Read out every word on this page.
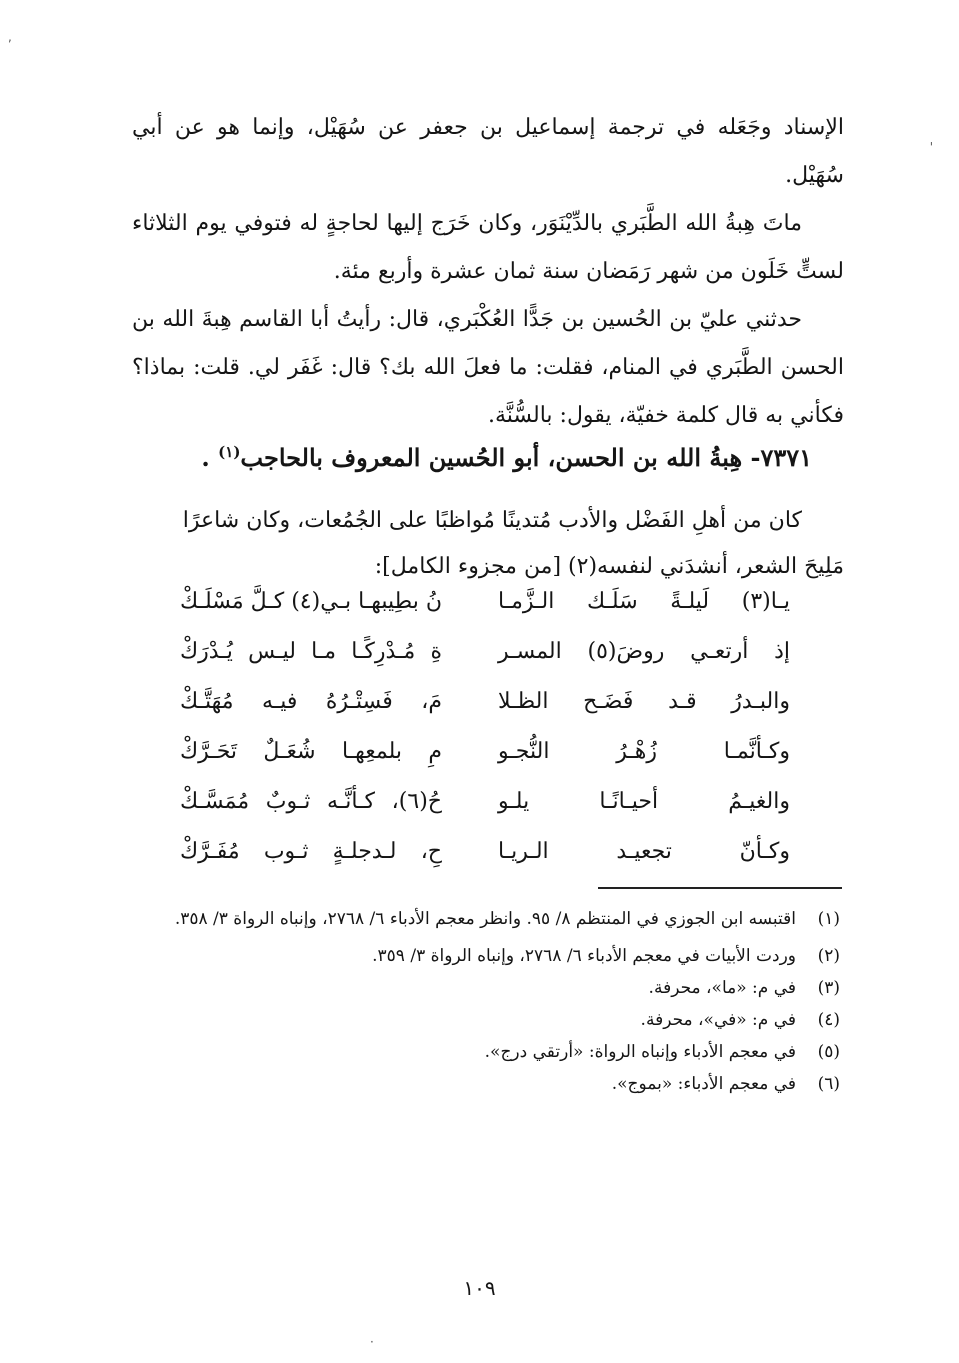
,
'
·

الإسناد وجَعَله في ترجمة إسماعيل بن جعفر عن سُهَيْل، وإنما هو عن أبي سُهَيْل.

ماتَ هِبةُ الله الطَّبَري بالدِّيْنَوَر، وكان خَرَج إليها لحاجةٍ له فتوفي يوم الثلاثاء لستٍّ خَلَون من شهر رَمَضان سنة ثمان عشرة وأربع مئة.

حدثني عليّ بن الحُسين بن جَدًّا العُكْبَري، قال: رأيتُ أبا القاسم هِبةَ الله بن الحسن الطَّبَري في المنام، فقلت: ما فعلَ الله بك؟ قال: غَفَر لي. قلت: بماذا؟ فكأني به قال كلمة خفيّة، يقول: بالسُّنَّة.

٧٣٧١- هِبةُ الله بن الحسن، أبو الحُسين المعروف بالحاجب$^{(١)}$ .

كان من أهلِ الفَضْل والأدب مُتدينًا مُواظبًا على الجُمُعات، وكان شاعرًا

مَلِيحَ الشعر، أنشدَني لنفسه(٢) [من مجزوء الكامل]:

يـا(٣) لَيلـةً سَلَـك الـزَّمـا
نُ بطِيبهـا بـي(٤) كـلَّ مَسْلَـكْ
إذ أرتعـي روضَ(٥) المسـر
ةِ مُـدْرِكًـا مـا ليـس يُـدْرَكْ
والبـدرُ قـد فَضَـح الظـلا
مَ، فَسِتْـرُهُ فيـه مُهَتَّـكْ
وكـأنَّمـا زُهْـرُ النُّجـو
مِ بلمعِهـا شُعَـلٌ تَحَـرَّكْ
والغيـمُ أحيـانًـا يلـو
حُ(٦)، كـأنَّـه ثـوبٌ مُمَسَّـكْ
وكـأنّ تجعيـد الـريـا
حِ، لـدجلـةٍ ثـوب مُفَـرَّكْ
(١)
اقتبسه ابن الجوزي في المنتظم ٨/ ٩٥. وانظر معجم الأدباء ٦/ ٢٧٦٨، وإنباه الرواة ٣/ ٣٥٨.
(٢)
وردت الأبيات في معجم الأدباء ٦/ ٢٧٦٨، وإنباه الرواة ٣/ ٣٥٩.
(٣)
في م: «ما»، محرفة.
(٤)
في م: «في»، محرفة.
(٥)
في معجم الأدباء وإنباه الرواة: «أرتقي درج».
(٦)
في معجم الأدباء: «بموج».
١٠٩
